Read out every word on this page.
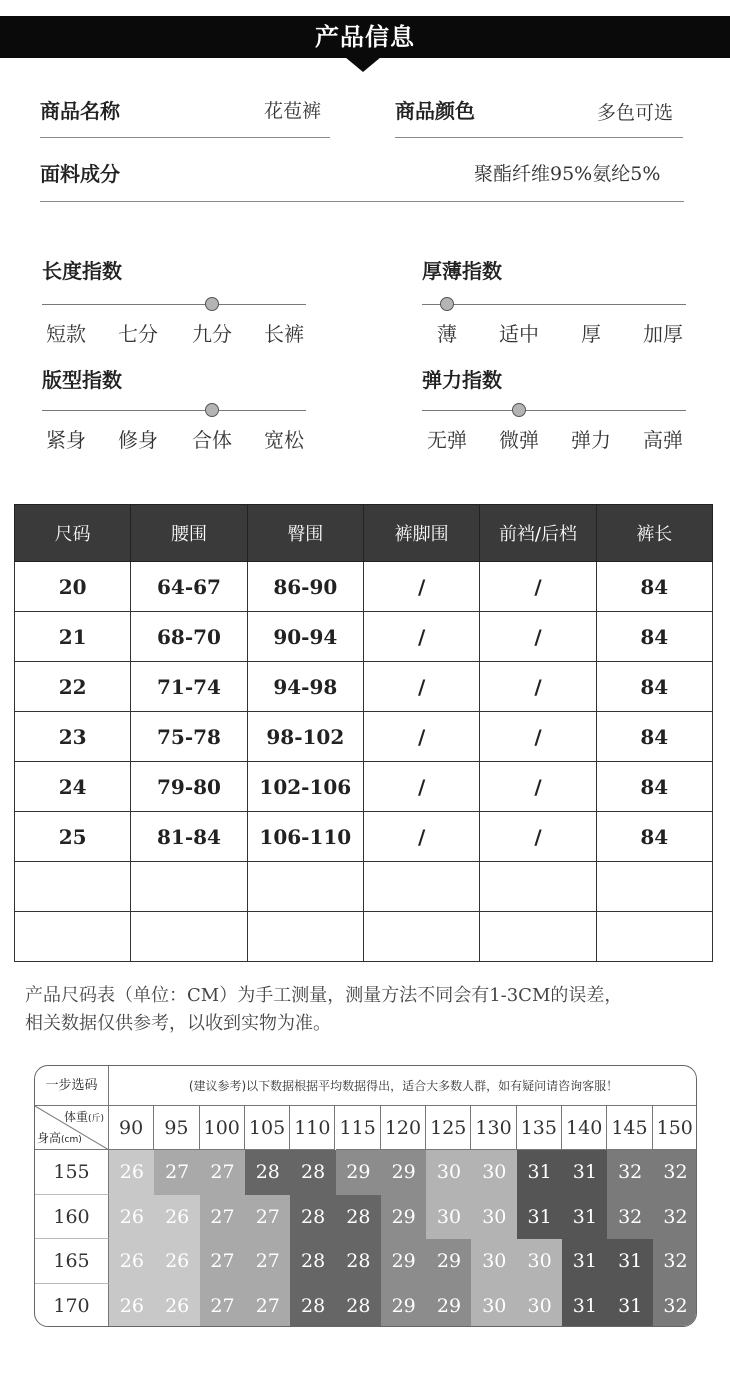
产品信息
商品名称	花苞裤	商品颜色	多色可选
面料成分	聚酯纤维95%氨纶5%
长度指数
短款	七分	九分	长裤
厚薄指数
薄	适中	厚	加厚
版型指数
紧身	修身	合体	宽松
弹力指数
无弹	微弹	弹力	高弹
尺码	腰围	臀围	裤脚围	前裆/后档	裤长
20	64-67	86-90	/	/	84
21	68-70	90-94	/	/	84
22	71-74	94-98	/	/	84
23	75-78	98-102	/	/	84
24	79-80	102-106	/	/	84
25	81-84	106-110	/	/	84

产品尺码表（单位：CM）为手工测量，测量方法不同会有1-3CM的误差，
相关数据仅供参考，以收到实物为准。
一步选码	(建议参考)以下数据根据平均数据得出，适合大多数人群，如有疑问请咨询客服！
体重(斤)
身高(cm)
90	95 100 105 110 115 120 125 130 135 140 145 150
155	26	27	27	28	28	29	29	30	30	31	31	32	32
160	26	26	27	27	28	28	29	30	30	31	31	32	32
165	26	26	27	27	28	28	29	29	30	30	31	31	32
170	26	26	27	27	28	28	29	29	30	30	31	31	32
